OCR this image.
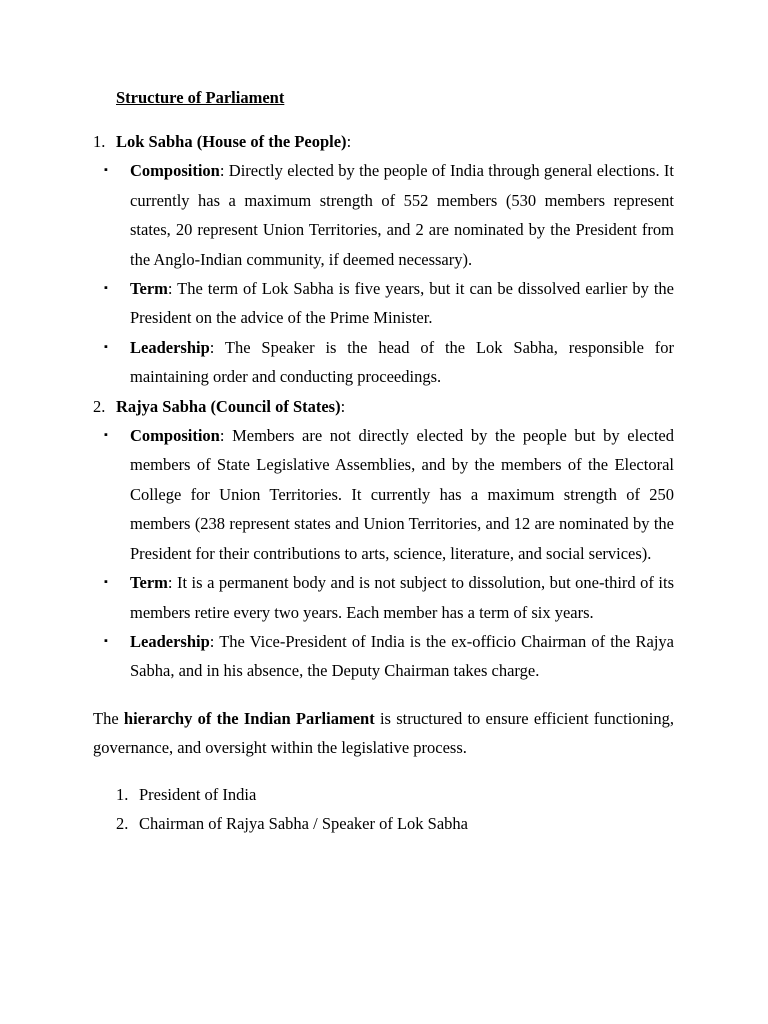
Structure of Parliament
1. Lok Sabha (House of the People):
▪ Composition: Directly elected by the people of India through general elections. It currently has a maximum strength of 552 members (530 members represent states, 20 represent Union Territories, and 2 are nominated by the President from the Anglo-Indian community, if deemed necessary).
▪ Term: The term of Lok Sabha is five years, but it can be dissolved earlier by the President on the advice of the Prime Minister.
▪ Leadership: The Speaker is the head of the Lok Sabha, responsible for maintaining order and conducting proceedings.
2. Rajya Sabha (Council of States):
▪ Composition: Members are not directly elected by the people but by elected members of State Legislative Assemblies, and by the members of the Electoral College for Union Territories. It currently has a maximum strength of 250 members (238 represent states and Union Territories, and 12 are nominated by the President for their contributions to arts, science, literature, and social services).
▪ Term: It is a permanent body and is not subject to dissolution, but one-third of its members retire every two years. Each member has a term of six years.
▪ Leadership: The Vice-President of India is the ex-officio Chairman of the Rajya Sabha, and in his absence, the Deputy Chairman takes charge.
The hierarchy of the Indian Parliament is structured to ensure efficient functioning, governance, and oversight within the legislative process.
1. President of India
2. Chairman of Rajya Sabha / Speaker of Lok Sabha
